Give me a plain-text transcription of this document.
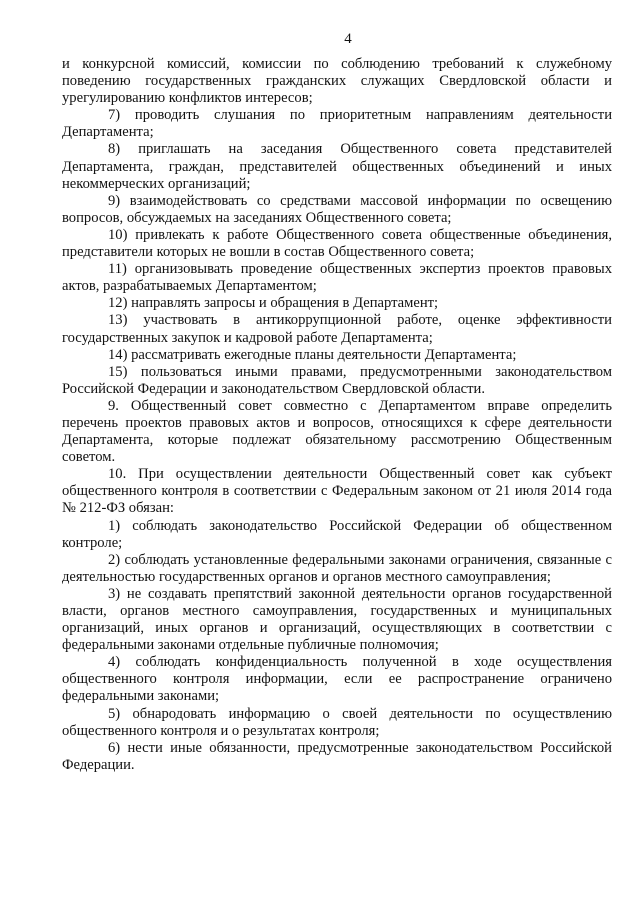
4

и конкурсной комиссий, комиссии по соблюдению требований к служебному поведению государственных гражданских служащих Свердловской области и урегулированию конфликтов интересов;

7) проводить слушания по приоритетным направлениям деятельности Департамента;

8) приглашать на заседания Общественного совета представителей Департамента, граждан, представителей общественных объединений и иных некоммерческих организаций;

9) взаимодействовать со средствами массовой информации по освещению вопросов, обсуждаемых на заседаниях Общественного совета;

10) привлекать к работе Общественного совета общественные объединения, представители которых не вошли в состав Общественного совета;

11) организовывать проведение общественных экспертиз проектов правовых актов, разрабатываемых Департаментом;

12) направлять запросы и обращения в Департамент;

13) участвовать в антикоррупционной работе, оценке эффективности государственных закупок и кадровой работе Департамента;

14) рассматривать ежегодные планы деятельности Департамента;

15) пользоваться иными правами, предусмотренными законодательством Российской Федерации и законодательством Свердловской области.

9. Общественный совет совместно с Департаментом вправе определить перечень проектов правовых актов и вопросов, относящихся к сфере деятельности Департамента, которые подлежат обязательному рассмотрению Общественным советом.

10. При осуществлении деятельности Общественный совет как субъект общественного контроля в соответствии с Федеральным законом от 21 июля 2014 года № 212-ФЗ обязан:

1) соблюдать законодательство Российской Федерации об общественном контроле;

2) соблюдать установленные федеральными законами ограничения, связанные с деятельностью государственных органов и органов местного самоуправления;

3) не создавать препятствий законной деятельности органов государственной власти, органов местного самоуправления, государственных и муниципальных организаций, иных органов и организаций, осуществляющих в соответствии с федеральными законами отдельные публичные полномочия;

4) соблюдать конфиденциальность полученной в ходе осуществления общественного контроля информации, если ее распространение ограничено федеральными законами;

5) обнародовать информацию о своей деятельности по осуществлению общественного контроля и о результатах контроля;

6) нести иные обязанности, предусмотренные законодательством Российской Федерации.
